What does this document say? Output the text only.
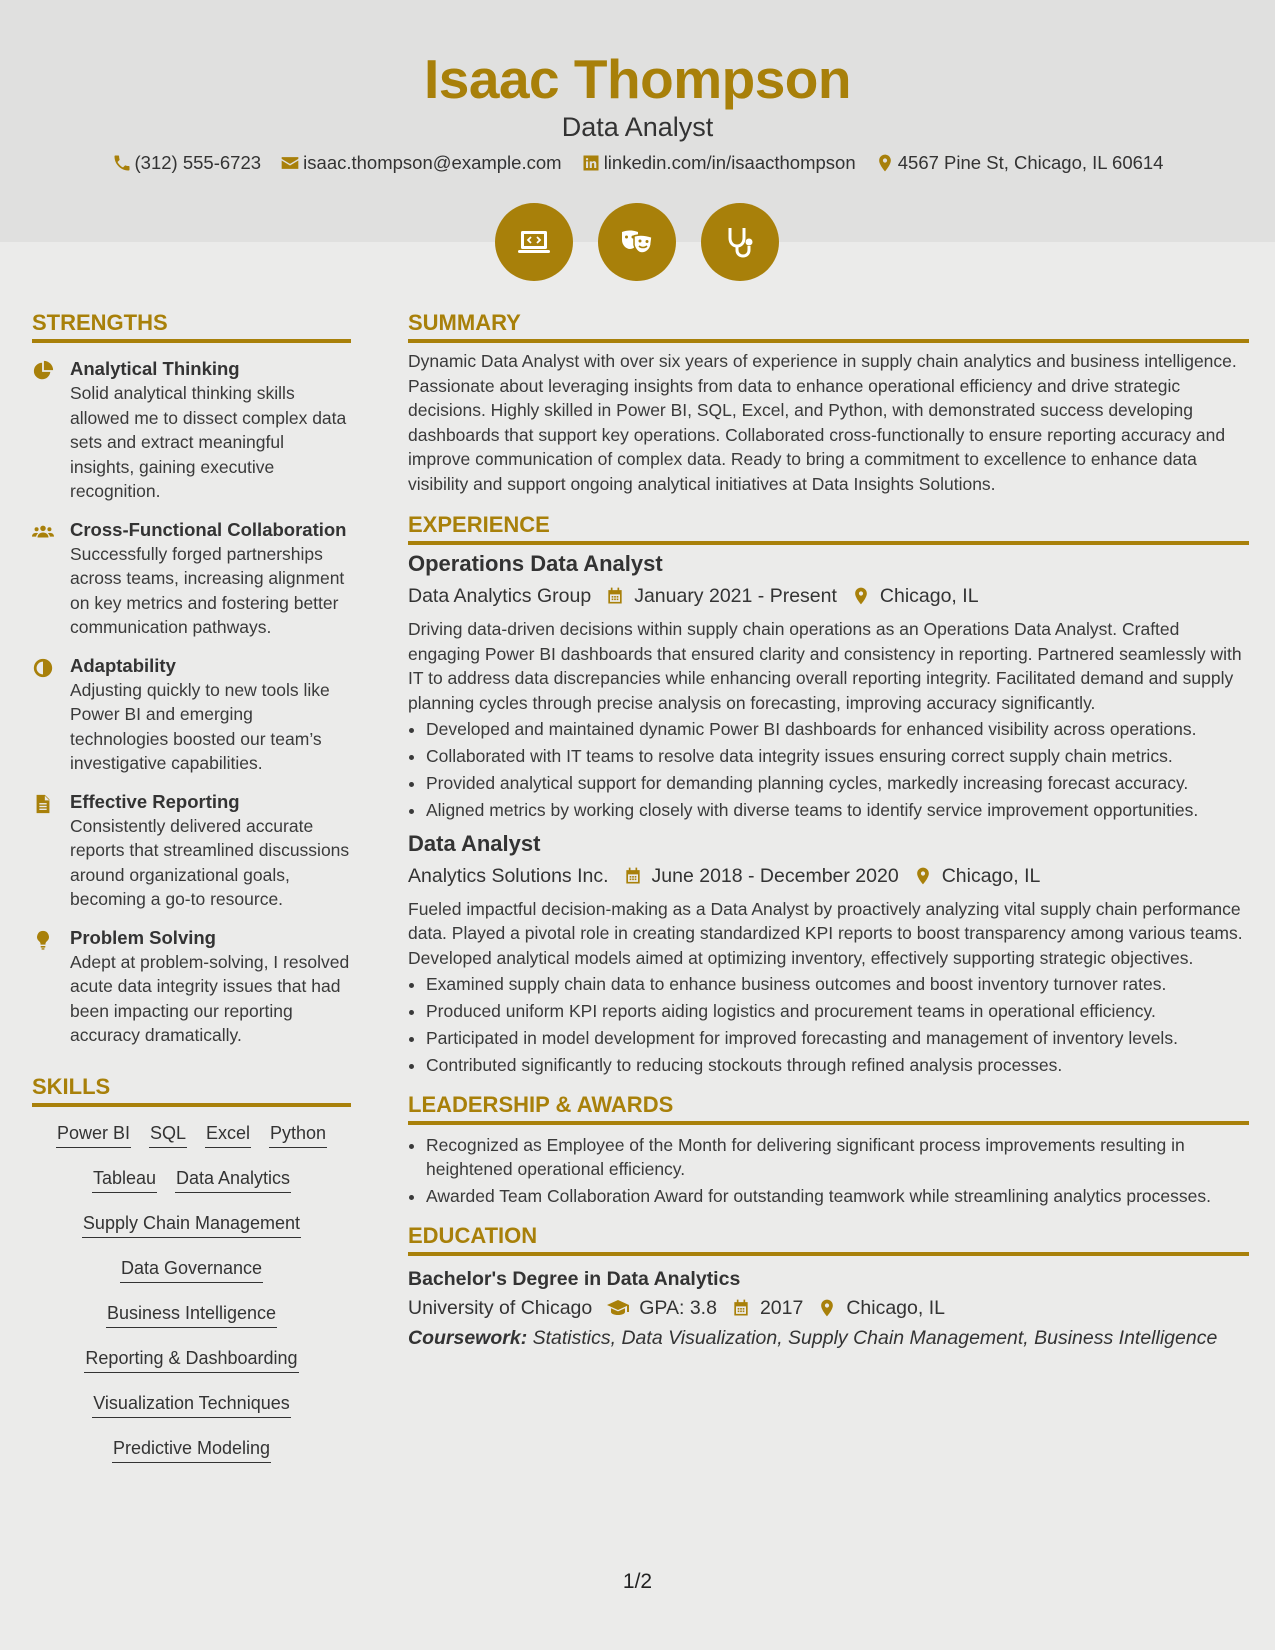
Isaac Thompson
Data Analyst
(312) 555-6723
isaac.thompson@example.com
linkedin.com/in/isaacthompson
4567 Pine St, Chicago, IL 60614
STRENGTHS
Analytical Thinking
Solid analytical thinking skills allowed me to dissect complex data sets and extract meaningful insights, gaining executive recognition.
Cross-Functional Collaboration
Successfully forged partnerships across teams, increasing alignment on key metrics and fostering better communication pathways.
Adaptability
Adjusting quickly to new tools like Power BI and emerging technologies boosted our team’s investigative capabilities.
Effective Reporting
Consistently delivered accurate reports that streamlined discussions around organizational goals, becoming a go-to resource.
Problem Solving
Adept at problem-solving, I resolved acute data integrity issues that had been impacting our reporting accuracy dramatically.
SKILLS
Power BI SQL Excel Python
Tableau Data Analytics
Supply Chain Management
Data Governance
Business Intelligence
Reporting & Dashboarding
Visualization Techniques
Predictive Modeling
SUMMARY

Dynamic Data Analyst with over six years of experience in supply chain analytics and business intelligence. Passionate about leveraging insights from data to enhance operational efficiency and drive strategic decisions. Highly skilled in Power BI, SQL, Excel, and Python, with demonstrated success developing dashboards that support key operations. Collaborated cross-functionally to ensure reporting accuracy and improve communication of complex data. Ready to bring a commitment to excellence to enhance data visibility and support ongoing analytical initiatives at Data Insights Solutions.

EXPERIENCE
Operations Data Analyst
Data Analytics Group January 2021 - Present Chicago, IL

Driving data-driven decisions within supply chain operations as an Operations Data Analyst. Crafted engaging Power BI dashboards that ensured clarity and consistency in reporting. Partnered seamlessly with IT to address data discrepancies while enhancing overall reporting integrity. Facilitated demand and supply planning cycles through precise analysis on forecasting, improving accuracy significantly.

• Developed and maintained dynamic Power BI dashboards for enhanced visibility across operations.
• Collaborated with IT teams to resolve data integrity issues ensuring correct supply chain metrics.
• Provided analytical support for demanding planning cycles, markedly increasing forecast accuracy.
• Aligned metrics by working closely with diverse teams to identify service improvement opportunities.
Data Analyst
Analytics Solutions Inc. June 2018 - December 2020 Chicago, IL

Fueled impactful decision-making as a Data Analyst by proactively analyzing vital supply chain performance data. Played a pivotal role in creating standardized KPI reports to boost transparency among various teams. Developed analytical models aimed at optimizing inventory, effectively supporting strategic objectives.

• Examined supply chain data to enhance business outcomes and boost inventory turnover rates.
• Produced uniform KPI reports aiding logistics and procurement teams in operational efficiency.
• Participated in model development for improved forecasting and management of inventory levels.
• Contributed significantly to reducing stockouts through refined analysis processes.
LEADERSHIP & AWARDS
• Recognized as Employee of the Month for delivering significant process improvements resulting in heightened operational efficiency.
• Awarded Team Collaboration Award for outstanding teamwork while streamlining analytics processes.
EDUCATION
Bachelor's Degree in Data Analytics
University of Chicago GPA: 3.8 2017 Chicago, IL
Coursework: Statistics, Data Visualization, Supply Chain Management, Business Intelligence
1/2
